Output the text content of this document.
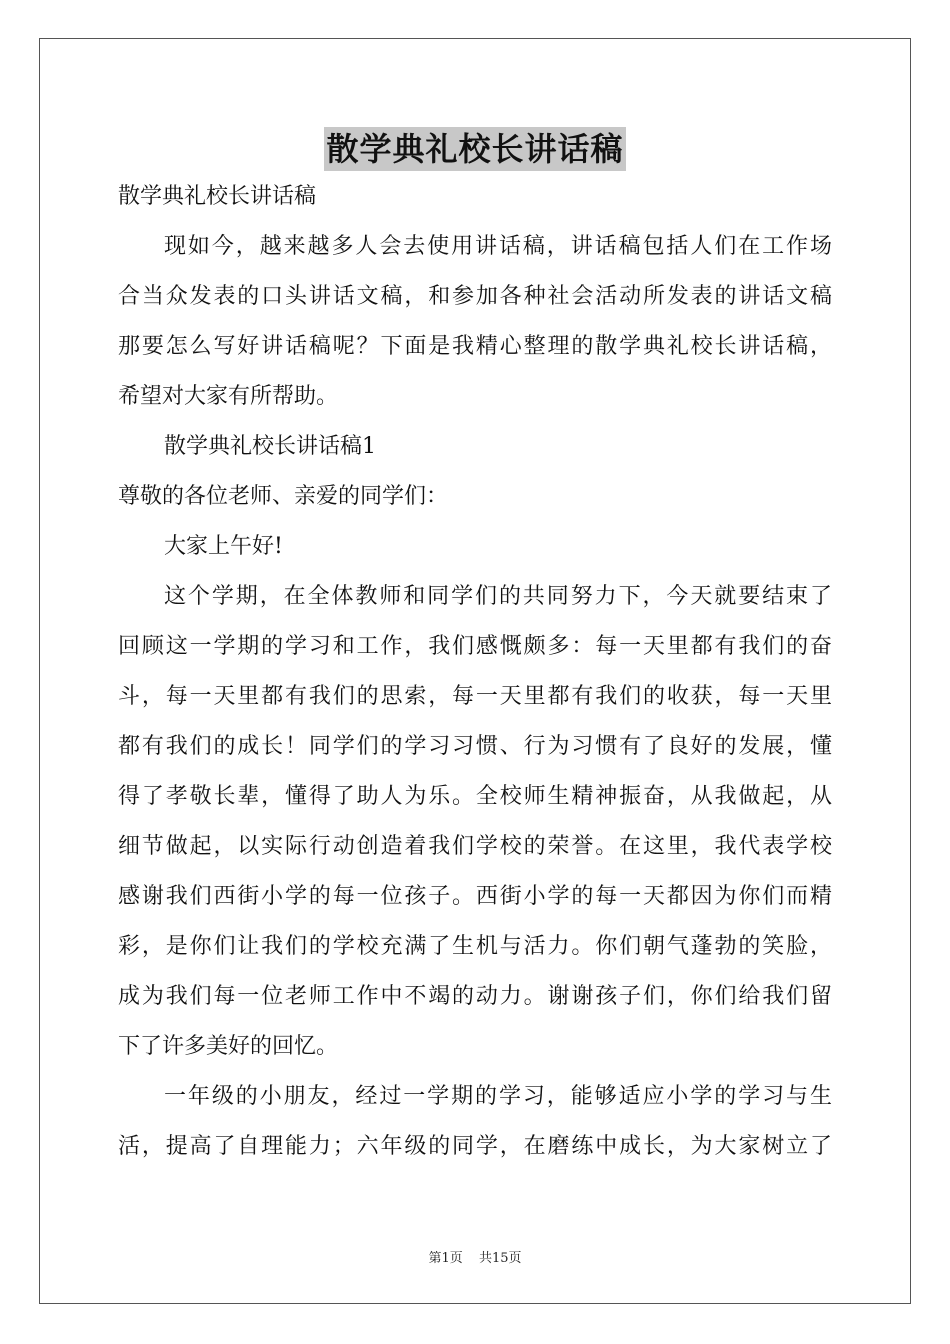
散学典礼校长讲话稿
散学典礼校长讲话稿
现如今，越来越多人会去使用讲话稿，讲话稿包括人们在工作场
合当众发表的口头讲话文稿，和参加各种社会活动所发表的讲话文稿
那要怎么写好讲话稿呢？下面是我精心整理的散学典礼校长讲话稿，
希望对大家有所帮助。
散学典礼校长讲话稿1
尊敬的各位老师、亲爱的同学们：
大家上午好!
这个学期，在全体教师和同学们的共同努力下，今天就要结束了
回顾这一学期的学习和工作，我们感慨颇多：每一天里都有我们的奋
斗，每一天里都有我们的思索，每一天里都有我们的收获，每一天里
都有我们的成长！同学们的学习习惯、行为习惯有了良好的发展，懂
得了孝敬长辈，懂得了助人为乐。全校师生精神振奋，从我做起，从
细节做起，以实际行动创造着我们学校的荣誉。在这里，我代表学校
感谢我们西街小学的每一位孩子。西街小学的每一天都因为你们而精
彩，是你们让我们的学校充满了生机与活力。你们朝气蓬勃的笑脸，
成为我们每一位老师工作中不竭的动力。谢谢孩子们，你们给我们留
下了许多美好的回忆。
一年级的小朋友，经过一学期的学习，能够适应小学的学习与生
活，提高了自理能力；六年级的同学，在磨练中成长，为大家树立了
第1页 共15页
